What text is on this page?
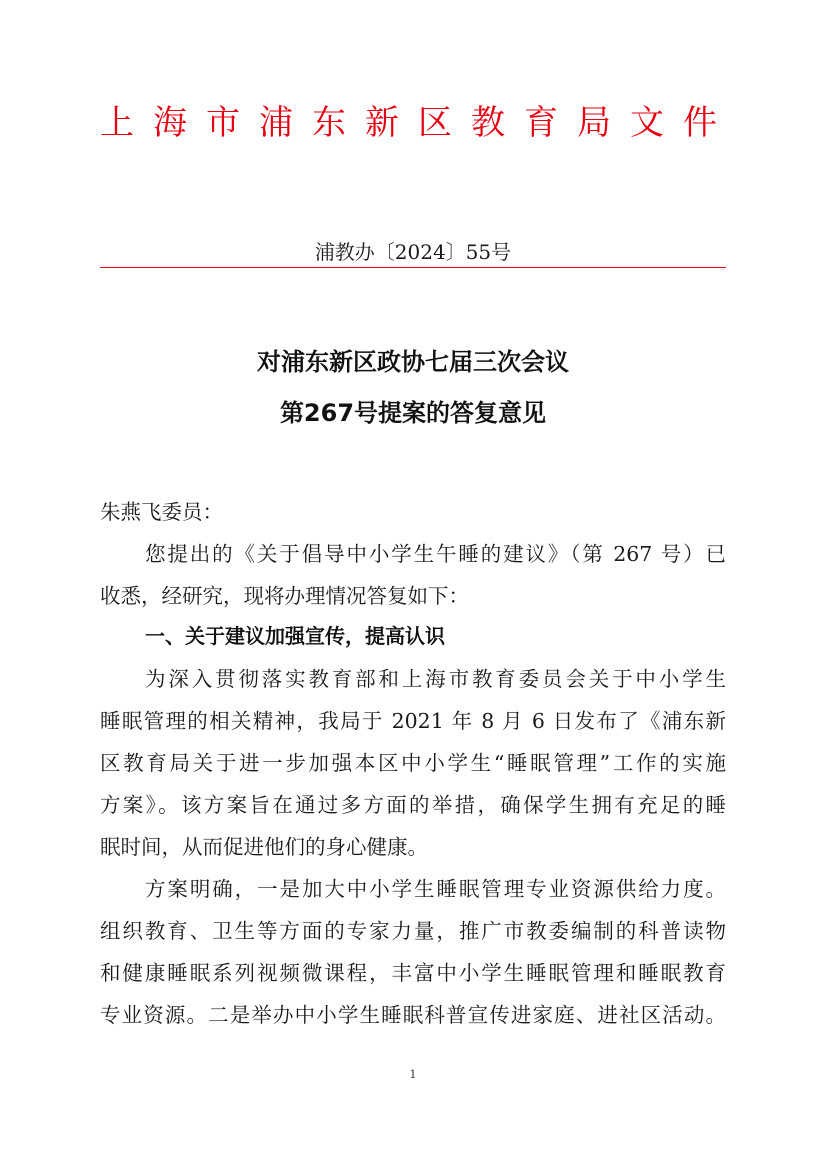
上海市浦东新区教育局文件
浦教办〔2024〕55号
对浦东新区政协七届三次会议
第267号提案的答复意见
朱燕飞委员：
您提出的《关于倡导中小学生午睡的建议》（第 267 号）已
收悉，经研究，现将办理情况答复如下：
一、关于建议加强宣传，提高认识
为深入贯彻落实教育部和上海市教育委员会关于中小学生
睡眠管理的相关精神，我局于 2021 年 8 月 6 日发布了《浦东新
区教育局关于进一步加强本区中小学生“睡眠管理”工作的实施
方案》。该方案旨在通过多方面的举措，确保学生拥有充足的睡
眠时间，从而促进他们的身心健康。
方案明确，一是加大中小学生睡眠管理专业资源供给力度。
组织教育、卫生等方面的专家力量，推广市教委编制的科普读物
和健康睡眠系列视频微课程，丰富中小学生睡眠管理和睡眠教育
专业资源。二是举办中小学生睡眠科普宣传进家庭、进社区活动。
1
